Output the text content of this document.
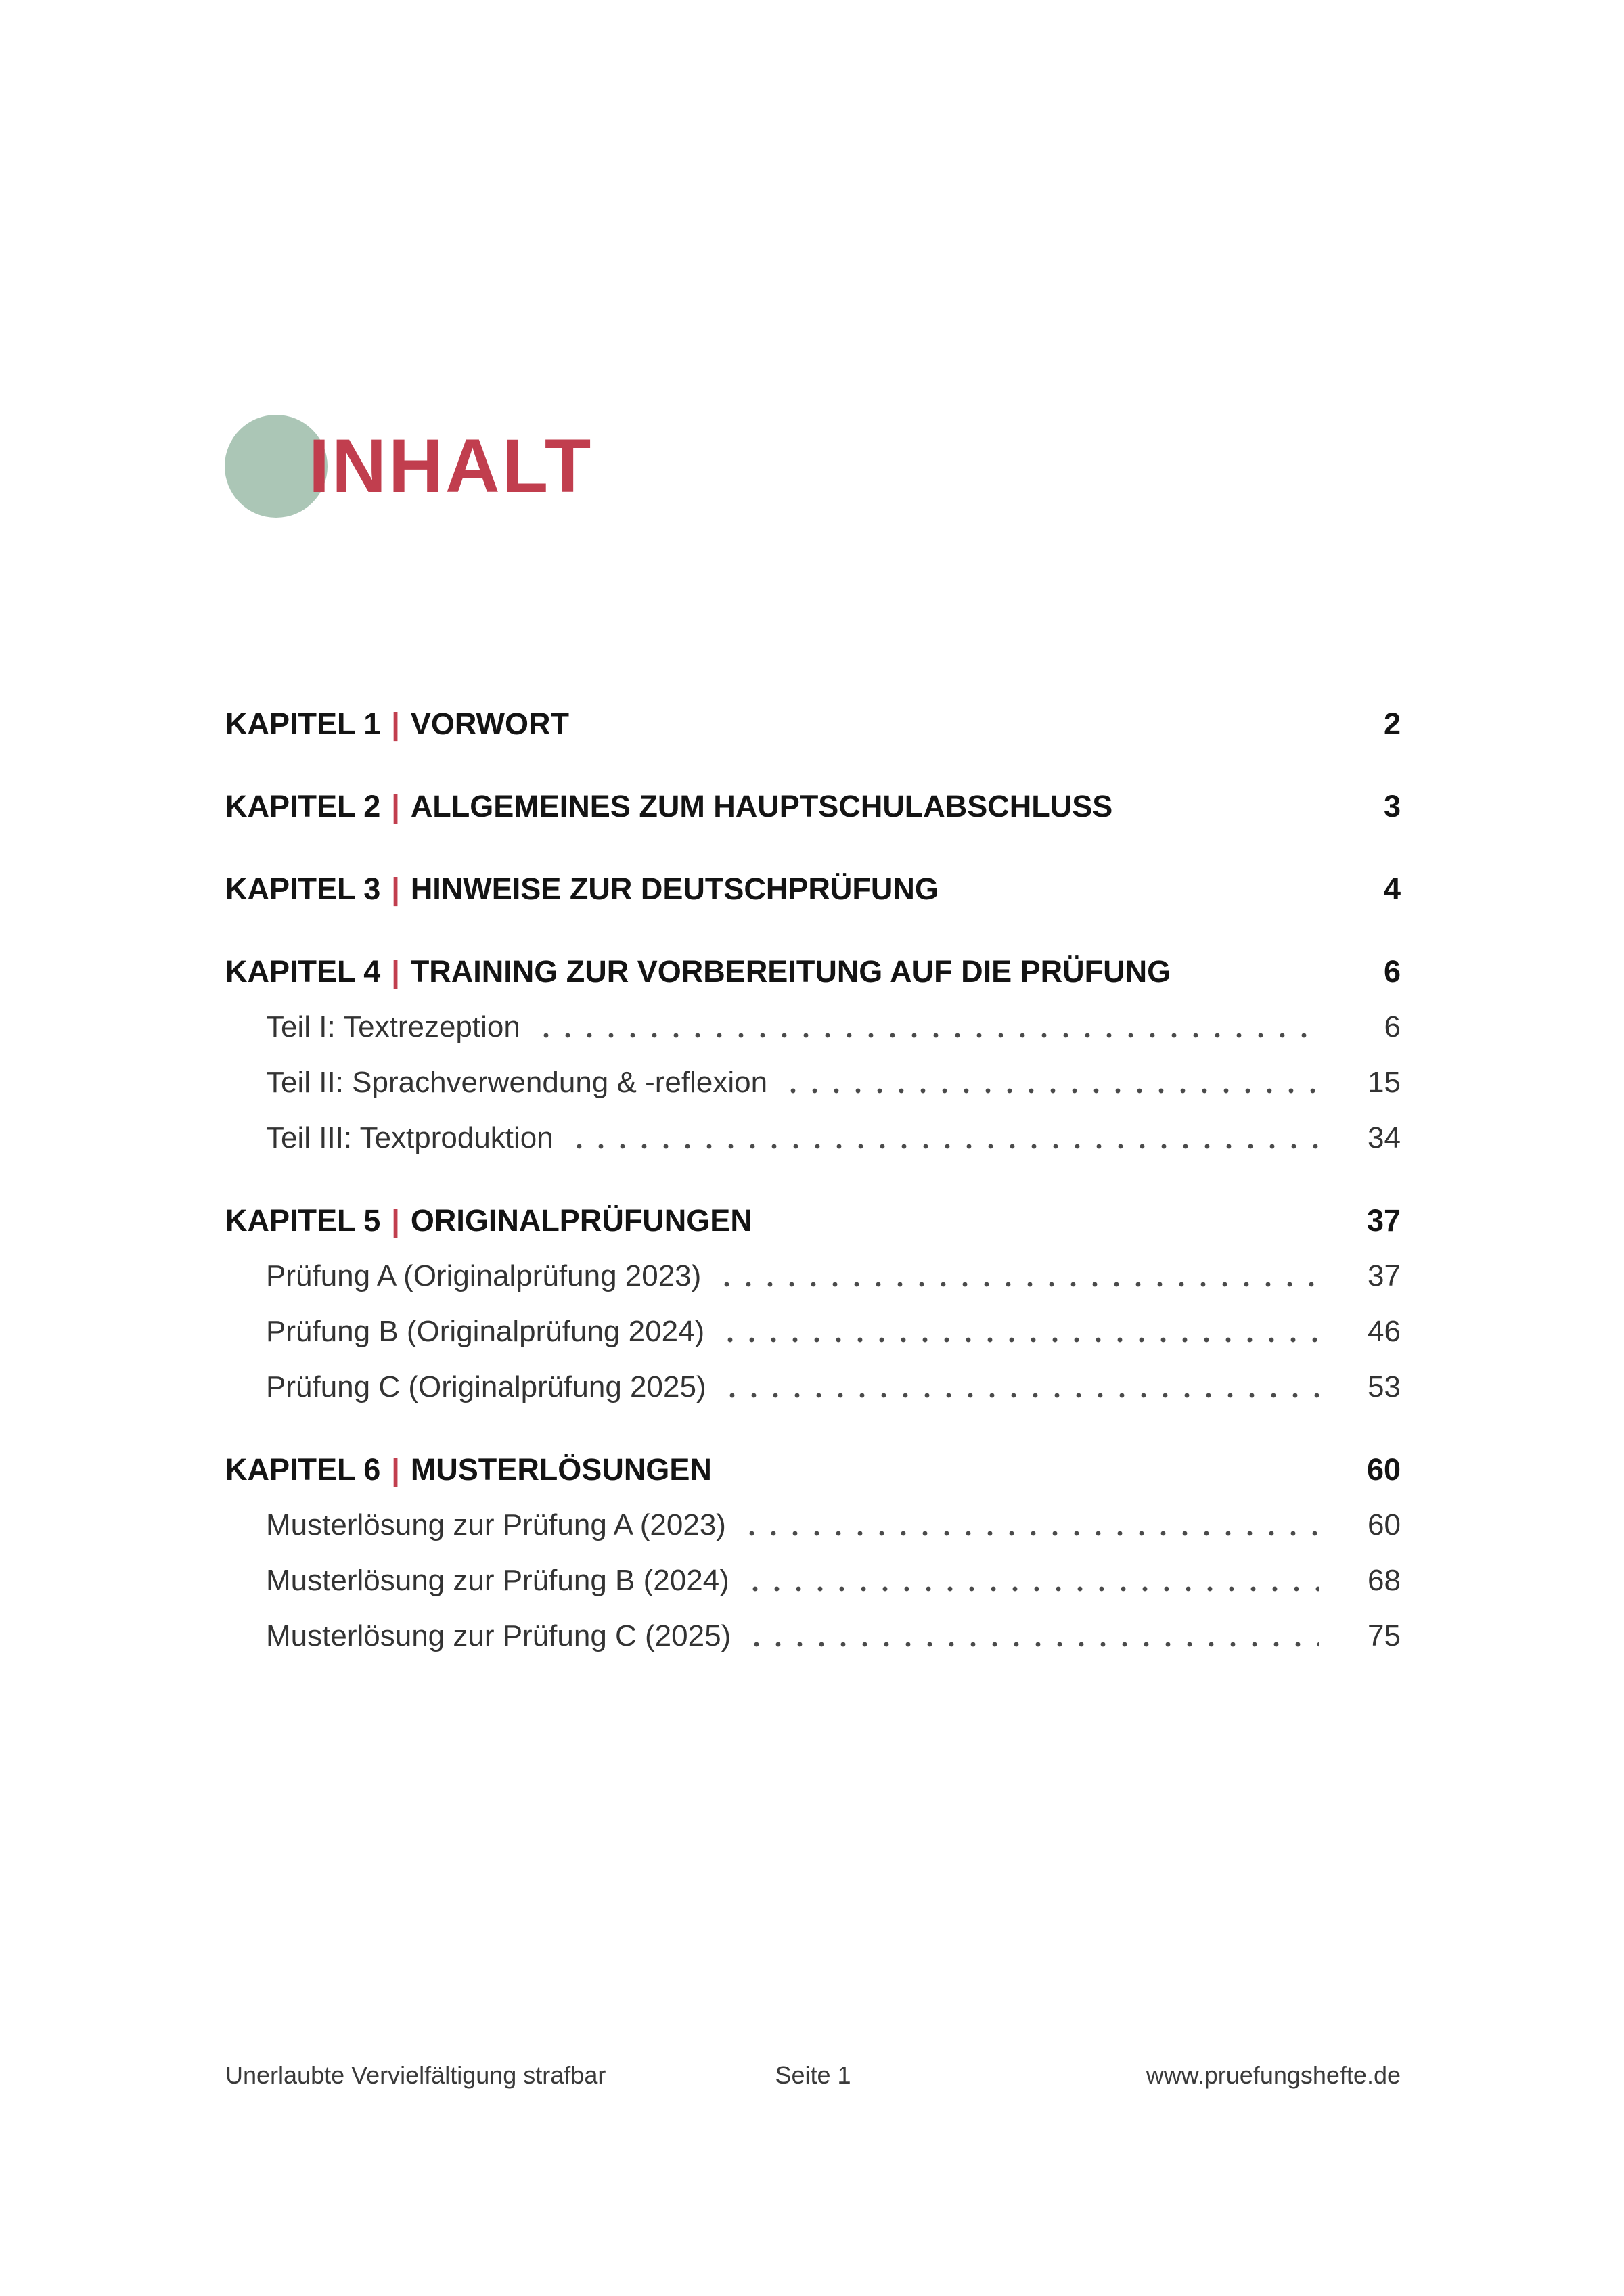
INHALT
KAPITEL 1 | VORWORT	2
KAPITEL 2 | ALLGEMEINES ZUM HAUPTSCHULABSCHLUSS	3
KAPITEL 3 | HINWEISE ZUR DEUTSCHPRÜFUNG	4
KAPITEL 4 | TRAINING ZUR VORBEREITUNG AUF DIE PRÜFUNG	6
Teil I: Textrezeption	6
Teil II: Sprachverwendung & -reflexion	15
Teil III: Textproduktion	34
KAPITEL 5 | ORIGINALPRÜFUNGEN	37
Prüfung A (Originalprüfung 2023)	37
Prüfung B (Originalprüfung 2024)	46
Prüfung C (Originalprüfung 2025)	53
KAPITEL 6 | MUSTERLÖSUNGEN	60
Musterlösung zur Prüfung A (2023)	60
Musterlösung zur Prüfung B (2024)	68
Musterlösung zur Prüfung C (2025)	75
Unerlaubte Vervielfältigung strafbar	Seite 1	www.pruefungshefte.de
